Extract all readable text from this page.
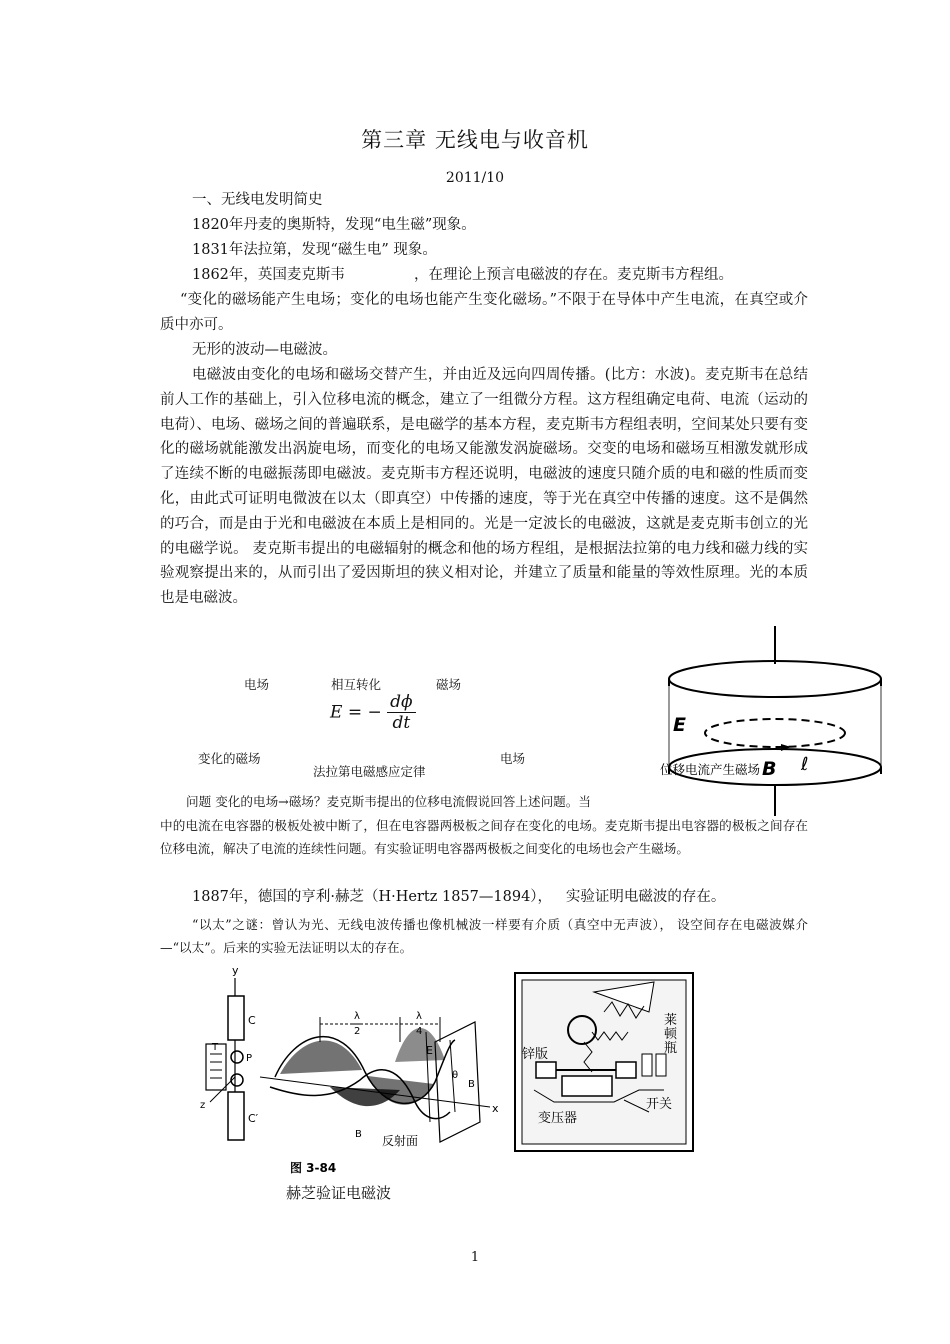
第三章 无线电与收音机
2011/10
一、无线电发明简史
1820年丹麦的奥斯特，发现“电生磁”现象。
1831年法拉第，发现“磁生电” 现象。
1862年，英国麦克斯韦               ，在理论上预言电磁波的存在。麦克斯韦方程组。
“变化的磁场能产生电场；变化的电场也能产生变化磁场。”不限于在导体中产生电流，在真空或介质中亦可。
无形的波动—电磁波。
电磁波由变化的电场和磁场交替产生，并由近及远向四周传播。(比方：水波)。麦克斯韦在总结前人工作的基础上，引入位移电流的概念，建立了一组微分方程。这方程组确定电荷、电流（运动的电荷）、电场、磁场之间的普遍联系，是电磁学的基本方程，麦克斯韦方程组表明，空间某处只要有变化的磁场就能激发出涡旋电场，而变化的电场又能激发涡旋磁场。交变的电场和磁场互相激发就形成了连续不断的电磁振荡即电磁波。麦克斯韦方程还说明，电磁波的速度只随介质的电和磁的性质而变化，由此式可证明电微波在以太（即真空）中传播的速度，等于光在真空中传播的速度。这不是偶然的巧合，而是由于光和电磁波在本质上是相同的。光是一定波长的电磁波，这就是麦克斯韦创立的光的电磁学说。 麦克斯韦提出的电磁辐射的概念和他的场方程组，是根据法拉第的电力线和磁力线的实验观察提出来的，从而引出了爱因斯坦的狭义相对论，并建立了质量和能量的等效性原理。光的本质也是电磁波。
电场	相互转化	磁场
E = − $\frac{d\phi}{dt}$
变化的磁场
法拉第电磁感应定律
电场
E
B ℓ
位移电流产生磁场
问题 变化的电场→磁场？麦克斯韦提出的位移电流假说回答上述问题。当
中的电流在电容器的极板处被中断了，但在电容器两极板之间存在变化的电场。麦克斯韦提出电容器的极板之间存在位移电流，解决了电流的连续性问题。有实验证明电容器两极板之间变化的电场也会产生磁场。
1887年，德国的亨利·赫芝（H·Hertz 1857—1894），   实验证明电磁波的存在。
“以太”之谜：曾认为光、无线电波传播也像机械波一样要有介质（真空中无声波）， 设空间存在电磁波媒介—“以太”。后来的实验无法证明以太的存在。
y
C
C′
T
P
z	x
E
θ
B
B
λ
2
λ
4
反射面
图 3-84
锌版
莱
顿
瓶
开关
变压器
赫芝验证电磁波
1
